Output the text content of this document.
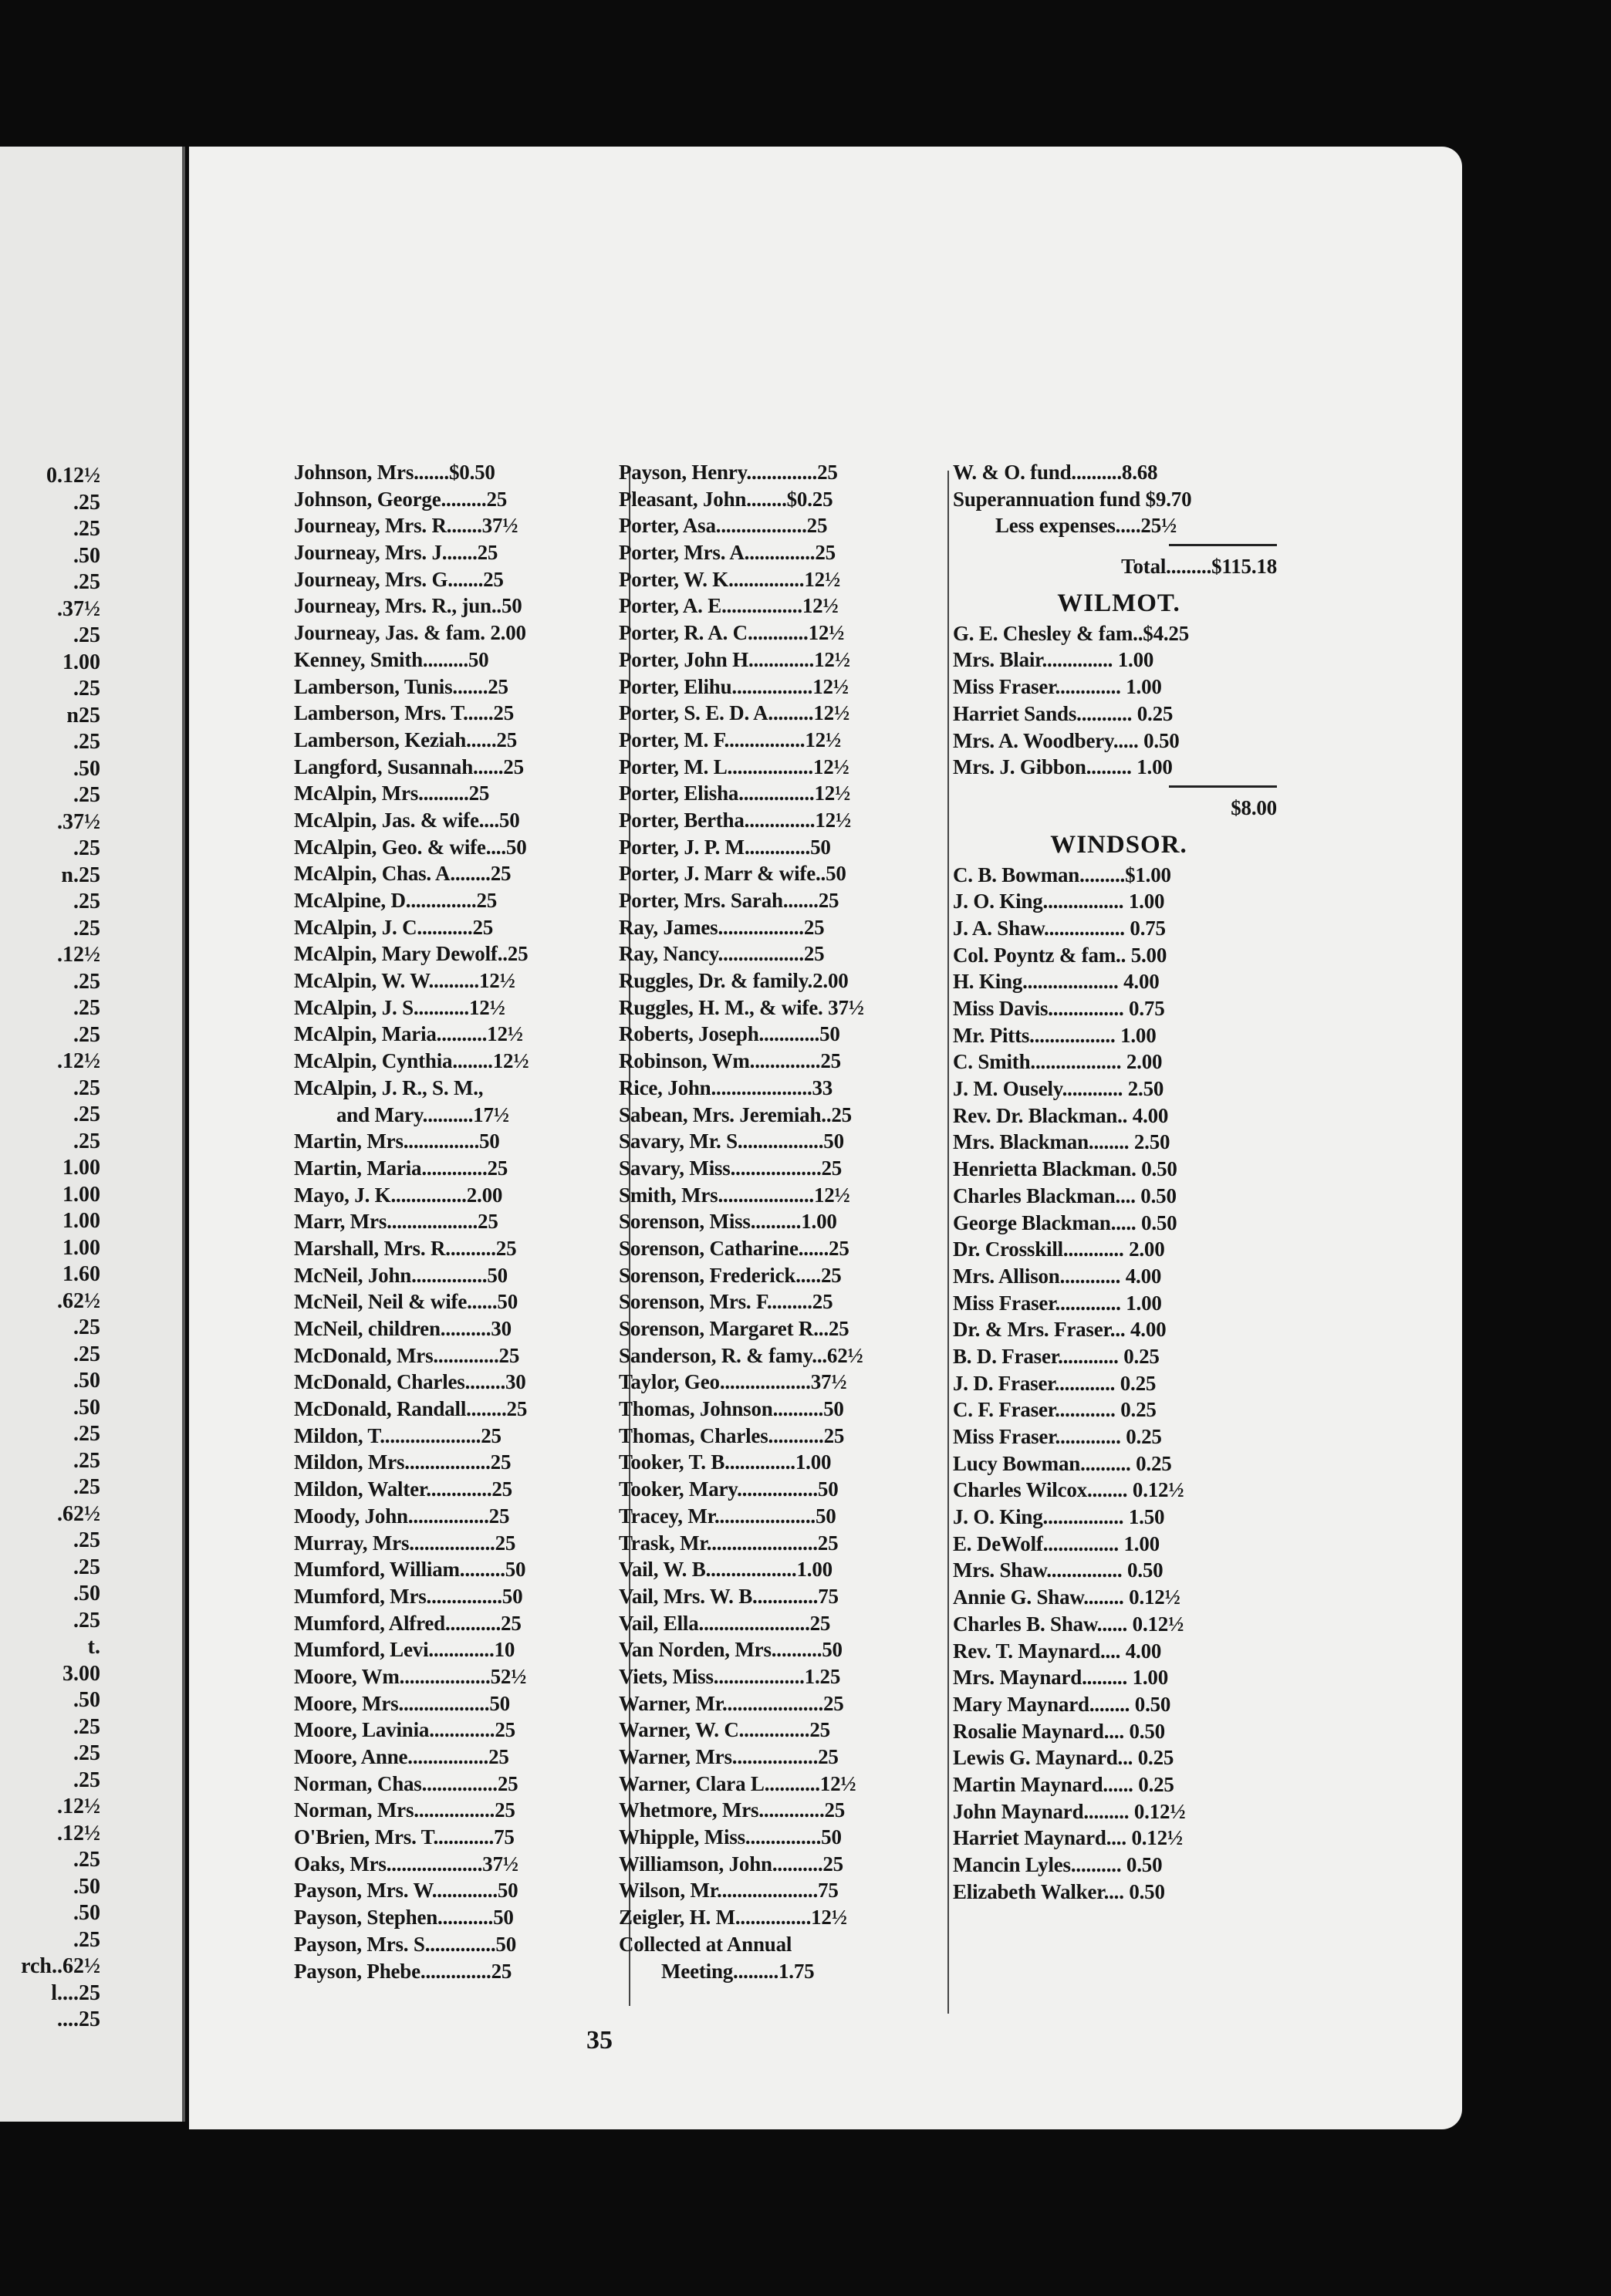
0.12½
.25
.25
.50
.25
.37½
.25
1.00
.25
n25
.25
.50
.25
.37½
.25
n.25
.25
.25
.12½
.25
.25
.25
.12½
.25
.25
.25
1.00
1.00
1.00
1.00
1.60
.62½
.25
.25
.50
.50
.25
.25
.25
.62½
.25
.25
.50
.25
t.
3.00
.50
.25
.25
.25
.12½
.12½
.25
.50
.50
.25
rch..62½
l....25
....25
Johnson, Mrs.......$0.50
Johnson, George.........25
Journeay, Mrs. R.......37½
Journeay, Mrs. J.......25
Journeay, Mrs. G.......25
Journeay, Mrs. R., jun..50
Journeay, Jas. & fam. 2.00
Kenney, Smith.........50
Lamberson, Tunis.......25
Lamberson, Mrs. T......25
Lamberson, Keziah......25
Langford, Susannah......25
McAlpin, Mrs..........25
McAlpin, Jas. & wife....50
McAlpin, Geo. & wife....50
McAlpin, Chas. A........25
McAlpine, D..............25
McAlpin, J. C...........25
McAlpin, Mary Dewolf..25
McAlpin, W. W..........12½
McAlpin, J. S...........12½
McAlpin, Maria..........12½
McAlpin, Cynthia........12½
McAlpin, J. R., S. M.,
and Mary..........17½
Martin, Mrs...............50
Martin, Maria.............25
Mayo, J. K...............2.00
Marr, Mrs..................25
Marshall, Mrs. R..........25
McNeil, John...............50
McNeil, Neil & wife......50
McNeil, children..........30
McDonald, Mrs.............25
McDonald, Charles........30
McDonald, Randall........25
Mildon, T....................25
Mildon, Mrs.................25
Mildon, Walter.............25
Moody, John................25
Murray, Mrs.................25
Mumford, William.........50
Mumford, Mrs...............50
Mumford, Alfred...........25
Mumford, Levi.............10
Moore, Wm..................52½
Moore, Mrs..................50
Moore, Lavinia.............25
Moore, Anne................25
Norman, Chas...............25
Norman, Mrs................25
O'Brien, Mrs. T............75
Oaks, Mrs...................37½
Payson, Mrs. W.............50
Payson, Stephen...........50
Payson, Mrs. S..............50
Payson, Phebe..............25
Payson, Henry..............25
Pleasant, John........$0.25
Porter, Asa..................25
Porter, Mrs. A..............25
Porter, W. K...............12½
Porter, A. E................12½
Porter, R. A. C............12½
Porter, John H.............12½
Porter, Elihu................12½
Porter, S. E. D. A.........12½
Porter, M. F................12½
Porter, M. L.................12½
Porter, Elisha...............12½
Porter, Bertha..............12½
Porter, J. P. M.............50
Porter, J. Marr & wife..50
Porter, Mrs. Sarah.......25
Ray, James.................25
Ray, Nancy.................25
Ruggles, Dr. & family.2.00
Ruggles, H. M., & wife. 37½
Roberts, Joseph............50
Robinson, Wm..............25
Rice, John....................33
Sabean, Mrs. Jeremiah..25
Savary, Mr. S.................50
Savary, Miss..................25
Smith, Mrs...................12½
Sorenson, Miss..........1.00
Sorenson, Catharine......25
Sorenson, Frederick.....25
Sorenson, Mrs. F.........25
Sorenson, Margaret R...25
Sanderson, R. & famy...62½
Taylor, Geo..................37½
Thomas, Johnson..........50
Thomas, Charles...........25
Tooker, T. B..............1.00
Tooker, Mary................50
Tracey, Mr....................50
Trask, Mr......................25
Vail, W. B..................1.00
Vail, Mrs. W. B.............75
Vail, Ella......................25
Van Norden, Mrs..........50
Viets, Miss..................1.25
Warner, Mr....................25
Warner, W. C..............25
Warner, Mrs.................25
Warner, Clara L...........12½
Whetmore, Mrs.............25
Whipple, Miss...............50
Williamson, John..........25
Wilson, Mr....................75
Zeigler, H. M...............12½
Collected at Annual
Meeting.........1.75
W. & O. fund..........8.68
Superannuation fund $9.70
Less expenses.....25½
Total.........$115.18
WILMOT.
G. E. Chesley & fam..$4.25
Mrs. Blair.............. 1.00
Miss Fraser............. 1.00
Harriet Sands........... 0.25
Mrs. A. Woodbery..... 0.50
Mrs. J. Gibbon......... 1.00
$8.00
WINDSOR.
C. B. Bowman.........$1.00
J. O. King................ 1.00
J. A. Shaw................ 0.75
Col. Poyntz & fam.. 5.00
H. King................... 4.00
Miss Davis............... 0.75
Mr. Pitts................. 1.00
C. Smith.................. 2.00
J. M. Ousely............ 2.50
Rev. Dr. Blackman.. 4.00
Mrs. Blackman........ 2.50
Henrietta Blackman. 0.50
Charles Blackman.... 0.50
George Blackman..... 0.50
Dr. Crosskill............ 2.00
Mrs. Allison............ 4.00
Miss Fraser............. 1.00
Dr. & Mrs. Fraser... 4.00
B. D. Fraser............ 0.25
J. D. Fraser............ 0.25
C. F. Fraser............ 0.25
Miss Fraser............. 0.25
Lucy Bowman.......... 0.25
Charles Wilcox........ 0.12½
J. O. King................ 1.50
E. DeWolf............... 1.00
Mrs. Shaw............... 0.50
Annie G. Shaw........ 0.12½
Charles B. Shaw...... 0.12½
Rev. T. Maynard.... 4.00
Mrs. Maynard......... 1.00
Mary Maynard........ 0.50
Rosalie Maynard.... 0.50
Lewis G. Maynard... 0.25
Martin Maynard...... 0.25
John Maynard......... 0.12½
Harriet Maynard.... 0.12½
Mancin Lyles.......... 0.50
Elizabeth Walker.... 0.50
35
